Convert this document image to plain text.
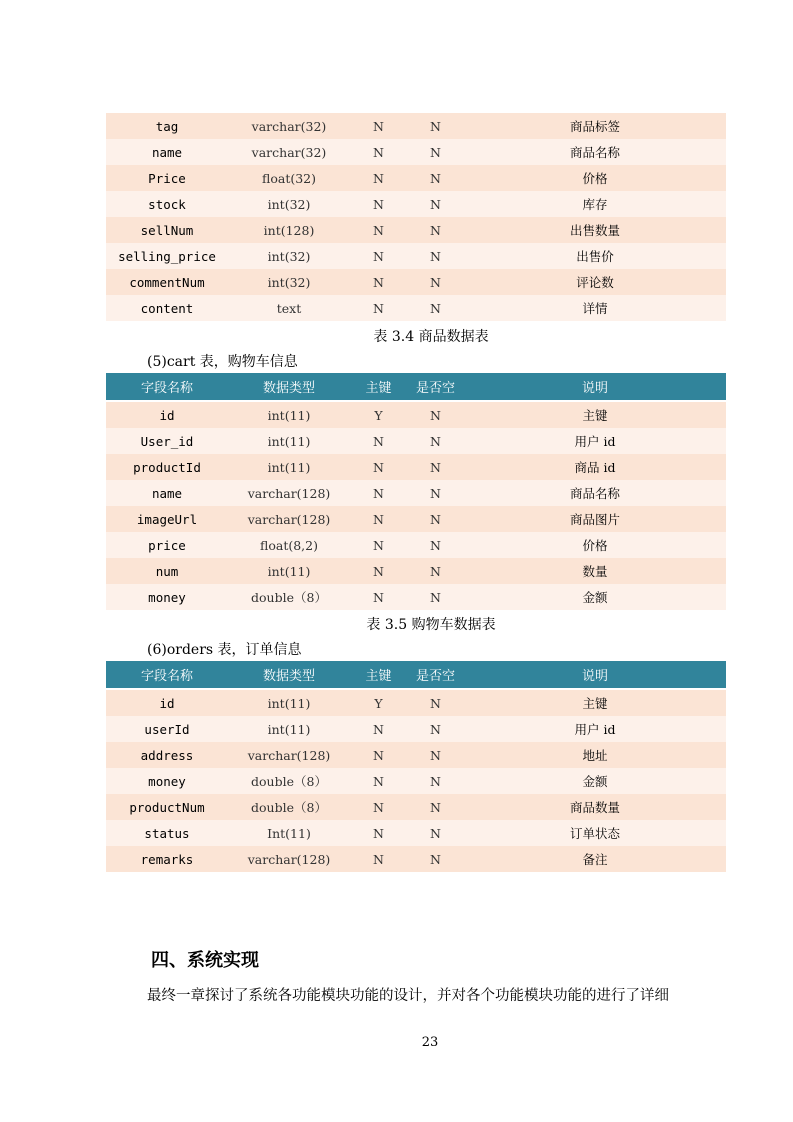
tag	varchar(32)	N	N	商品标签
name	varchar(32)	N	N	商品名称
Price	float(32)	N	N	价格
stock	int(32)	N	N	库存
sellNum	int(128)	N	N	出售数量
selling_price	int(32)	N	N	出售价
commentNum	int(32)	N	N	评论数
content	text	N	N	详情
表 3.4 商品数据表
(5)cart 表，购物车信息
字段名称	数据类型	主键	是否空	说明
id	int(11)	Y	N	主键
User_id	int(11)	N	N	用户 id
productId	int(11)	N	N	商品 id
name	varchar(128)	N	N	商品名称
imageUrl	varchar(128)	N	N	商品图片
price	float(8,2)	N	N	价格
num	int(11)	N	N	数量
money	double（8）	N	N	金额
表 3.5 购物车数据表
(6)orders 表，订单信息
字段名称	数据类型	主键	是否空	说明
id	int(11)	Y	N	主键
userId	int(11)	N	N	用户 id
address	varchar(128)	N	N	地址
money	double（8）	N	N	金额
productNum	double（8）	N	N	商品数量
status	Int(11)	N	N	订单状态
remarks	varchar(128)	N	N	备注
四、系统实现
最终一章探讨了系统各功能模块功能的设计，并对各个功能模块功能的进行了详细
23
